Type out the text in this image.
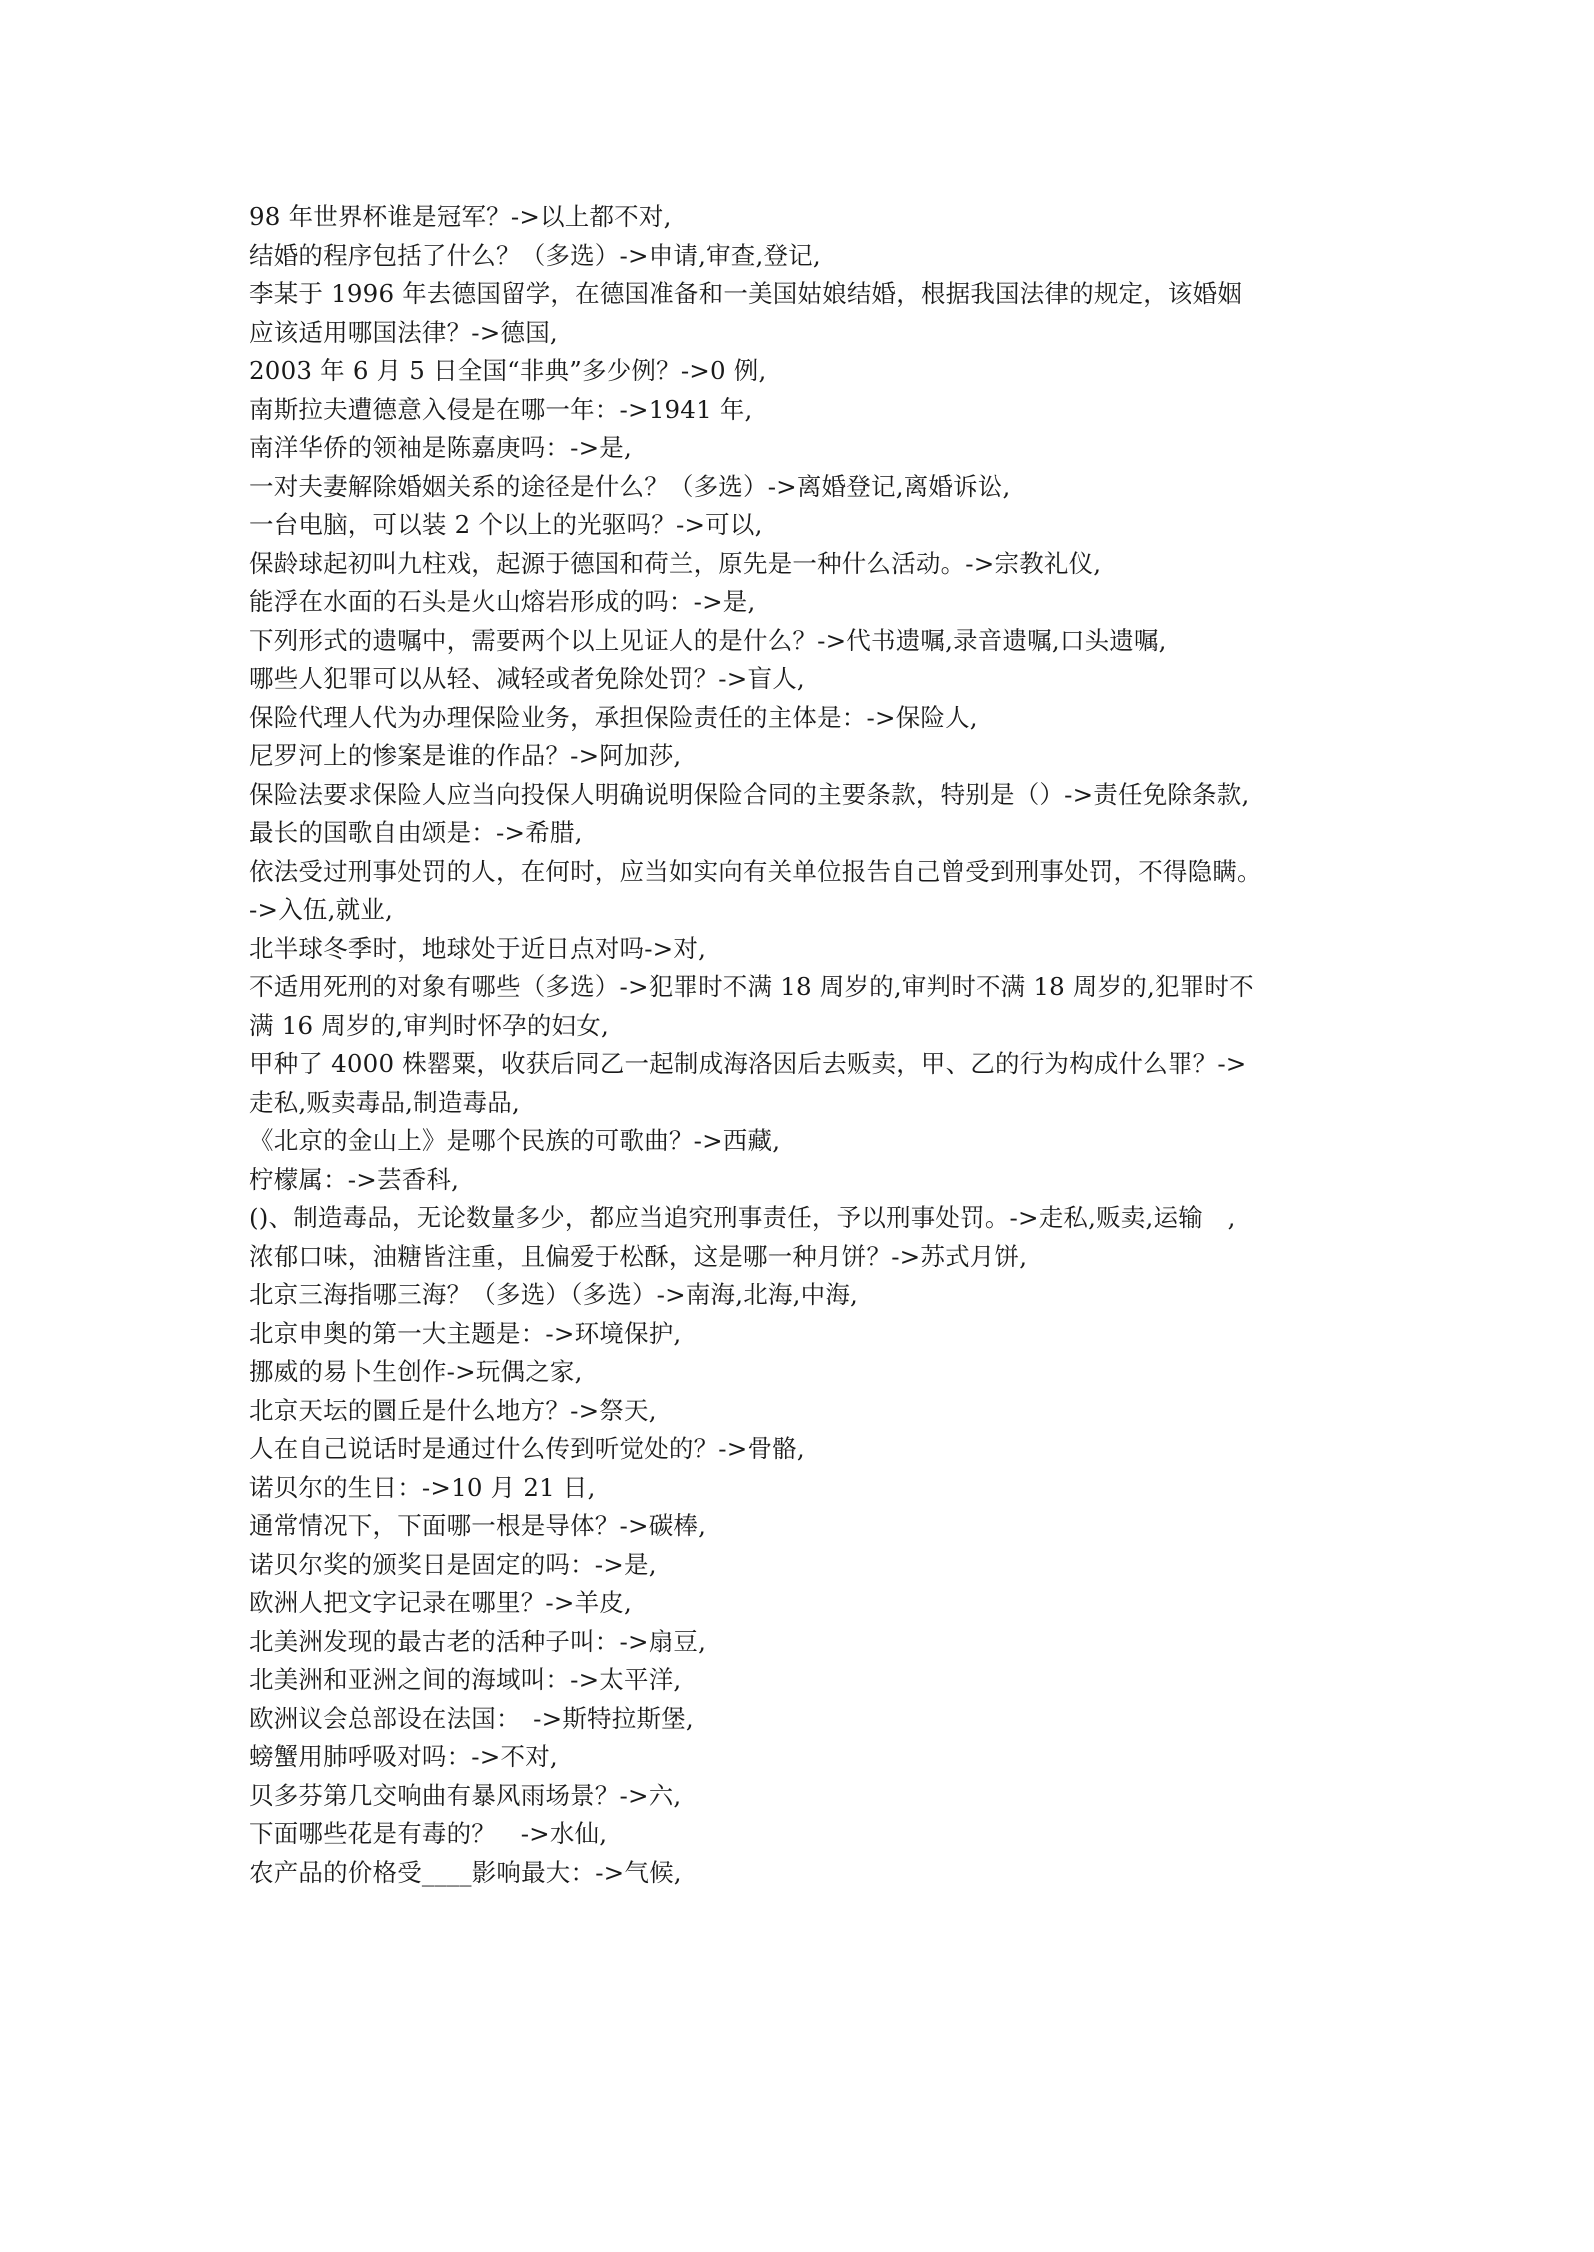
98 年世界杯谁是冠军？->以上都不对,
结婚的程序包括了什么？（多选）->申请,审查,登记,
李某于 1996 年去德国留学，在德国准备和一美国姑娘结婚，根据我国法律的规定，该婚姻
应该适用哪国法律？->德国,
2003 年 6 月 5 日全国“非典”多少例？->0 例,
南斯拉夫遭德意入侵是在哪一年：->1941 年,
南洋华侨的领袖是陈嘉庚吗：->是,
一对夫妻解除婚姻关系的途径是什么？（多选）->离婚登记,离婚诉讼,
一台电脑，可以装 2 个以上的光驱吗？->可以,
保龄球起初叫九柱戏，起源于德国和荷兰，原先是一种什么活动。->宗教礼仪,
能浮在水面的石头是火山熔岩形成的吗：->是,
下列形式的遗嘱中，需要两个以上见证人的是什么？->代书遗嘱,录音遗嘱,口头遗嘱,
哪些人犯罪可以从轻、减轻或者免除处罚？->盲人,
保险代理人代为办理保险业务，承担保险责任的主体是：->保险人,
尼罗河上的惨案是谁的作品？->阿加莎,
保险法要求保险人应当向投保人明确说明保险合同的主要条款，特别是（）->责任免除条款,
最长的国歌自由颂是：->希腊,
依法受过刑事处罚的人，在何时，应当如实向有关单位报告自己曾受到刑事处罚，不得隐瞒。
->入伍,就业,
北半球冬季时，地球处于近日点对吗->对,
不适用死刑的对象有哪些（多选）->犯罪时不满 18 周岁的,审判时不满 18 周岁的,犯罪时不
满 16 周岁的,审判时怀孕的妇女,
甲种了 4000 株罂粟，收获后同乙一起制成海洛因后去贩卖，甲、乙的行为构成什么罪？->
走私,贩卖毒品,制造毒品,
《北京的金山上》是哪个民族的可歌曲？->西藏,
柠檬属：->芸香科,
()、制造毒品，无论数量多少，都应当追究刑事责任，予以刑事处罚。->走私,贩卖,运输　,
浓郁口味，油糖皆注重，且偏爱于松酥，这是哪一种月饼？->苏式月饼,
北京三海指哪三海？（多选）（多选）->南海,北海,中海,
北京申奥的第一大主题是：->环境保护,
挪威的易卜生创作->玩偶之家,
北京天坛的圜丘是什么地方？->祭天,
人在自己说话时是通过什么传到听觉处的？->骨骼,
诺贝尔的生日：->10 月 21 日,
通常情况下，下面哪一根是导体？->碳棒,
诺贝尔奖的颁奖日是固定的吗：->是,
欧洲人把文字记录在哪里？->羊皮,
北美洲发现的最古老的活种子叫：->扇豆,
北美洲和亚洲之间的海域叫：->太平洋,
欧洲议会总部设在法国：　->斯特拉斯堡,
螃蟹用肺呼吸对吗：->不对,
贝多芬第几交响曲有暴风雨场景？->六,
下面哪些花是有毒的？　->水仙,
农产品的价格受____影响最大：->气候,
